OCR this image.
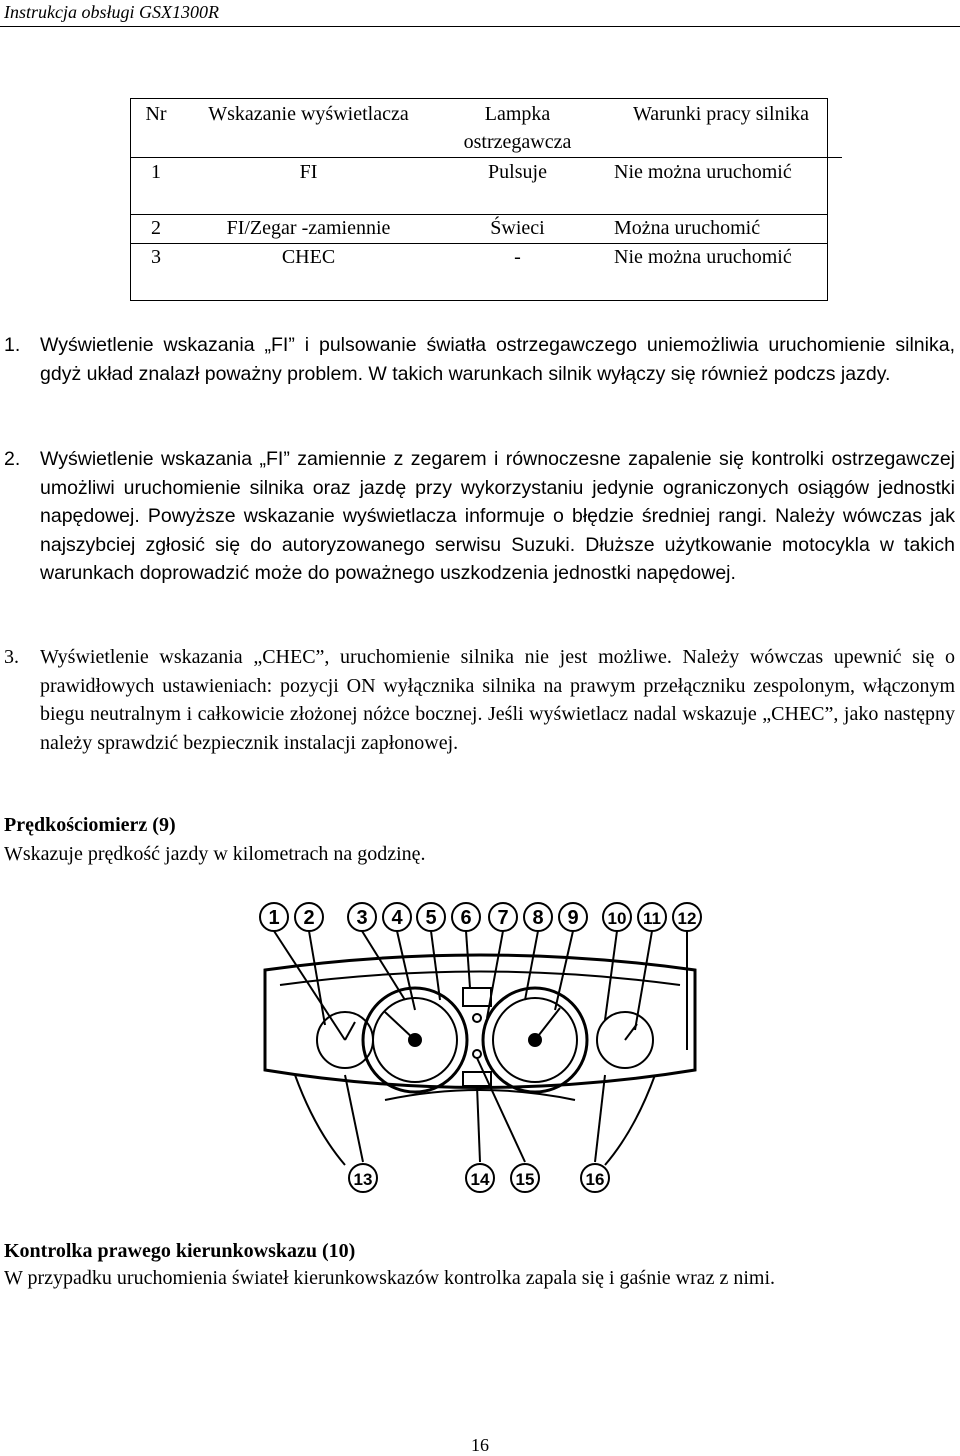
Instrukcja obsługi GSX1300R
Nr	Wskazanie wyświetlacza	Lampka ostrzegawcza	Warunki pracy silnika
1	FI	Pulsuje	Nie można uruchomić
2	FI/Zegar -zamiennie	Świeci	Można uruchomić
3	CHEC	-	Nie można uruchomić
1. Wyświetlenie wskazania „FI” i pulsowanie światła ostrzegawczego uniemożliwia uruchomienie silnika, gdyż układ znalazł poważny problem. W takich warunkach silnik wyłączy się również podczs jazdy.
2. Wyświetlenie wskazania „FI” zamiennie z zegarem i równoczesne zapalenie się kontrolki ostrzegawczej umożliwi uruchomienie silnika oraz jazdę przy wykorzystaniu jedynie ograniczonych osiągów jednostki napędowej. Powyższe wskazanie wyświetlacza informuje o błędzie średniej rangi. Należy wówczas jak najszybciej zgłosić się do autoryzowanego serwisu Suzuki. Dłuższe użytkowanie motocykla w takich warunkach doprowadzić może do poważnego uszkodzenia jednostki napędowej.
3. Wyświetlenie wskazania „CHEC”, uruchomienie silnika nie jest możliwe. Należy wówczas upewnić się o prawidłowych ustawieniach: pozycji ON wyłącznika silnika na prawym przełączniku zespolonym, włączonym biegu neutralnym i całkowicie złożonej nóżce bocznej. Jeśli wyświetlacz nadal wskazuje „CHEC”, jako następny należy sprawdzić bezpiecznik instalacji zapłonowej.
Prędkościomierz (9)
Wskazuje prędkość jazdy w kilometrach na godzinę.
1 2 3 4 5 6 7 8 9 10 11 12
13	14 15	16
Kontrolka prawego kierunkowskazu (10)
W przypadku uruchomienia świateł kierunkowskazów kontrolka zapala się i gaśnie wraz z nimi.
16
